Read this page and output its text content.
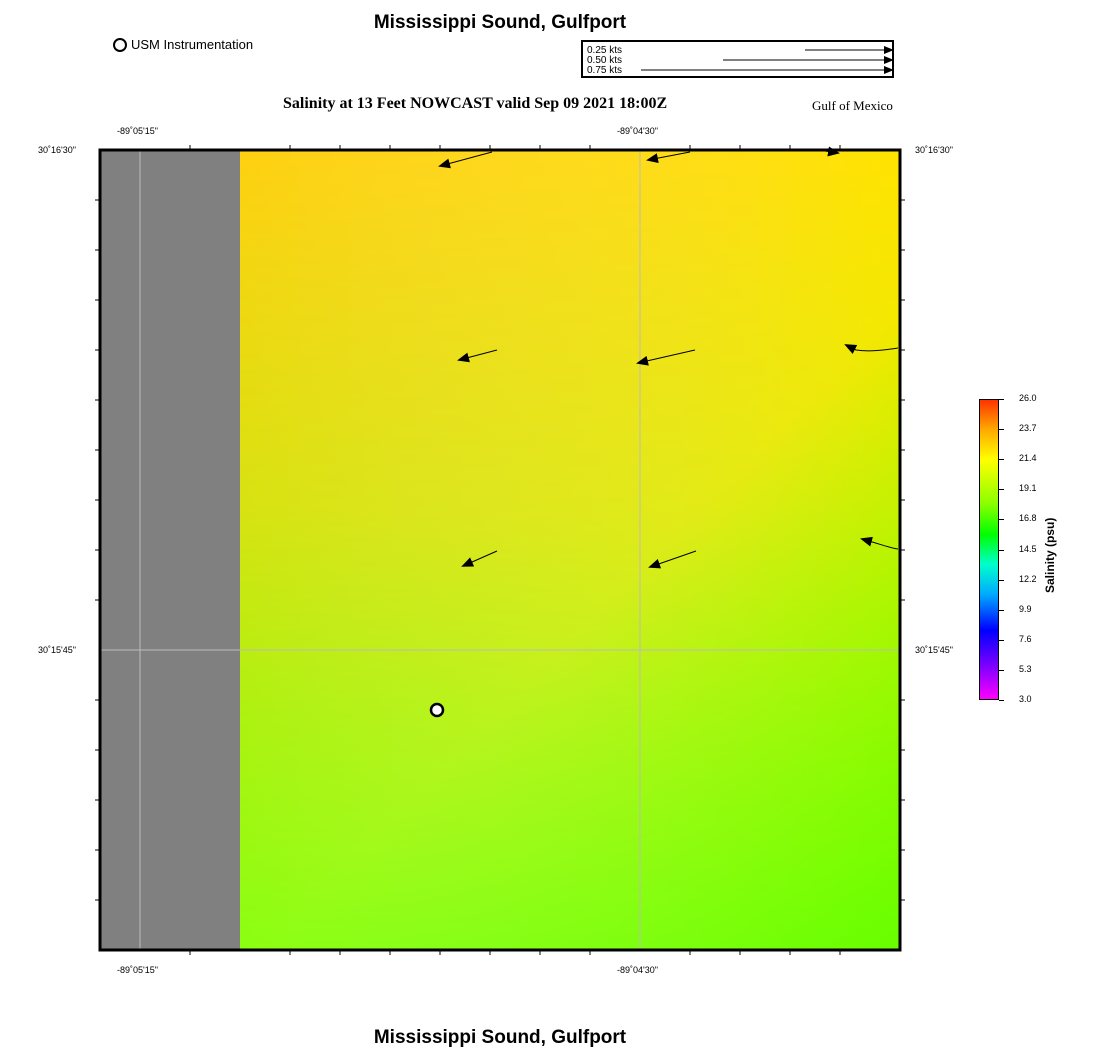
Mississippi Sound, Gulfport
Salinity at 13 Feet NOWCAST valid Sep 09 2021 18:00Z	Gulf of Mexico
Mississippi Sound, Gulfport
USM Instrumentation	0.25 kts
0.50 kts
0.75 kts
-89˚05'15"	-89˚04'30"
-89˚05'15"	-89˚04'30"
30˚16'30"
30˚15'45"
30˚16'30"
30˚15'45"
26.0
23.7
21.4
19.1
16.8
14.5
12.2
9.9
7.6
5.3
3.0
Salinity (psu)
